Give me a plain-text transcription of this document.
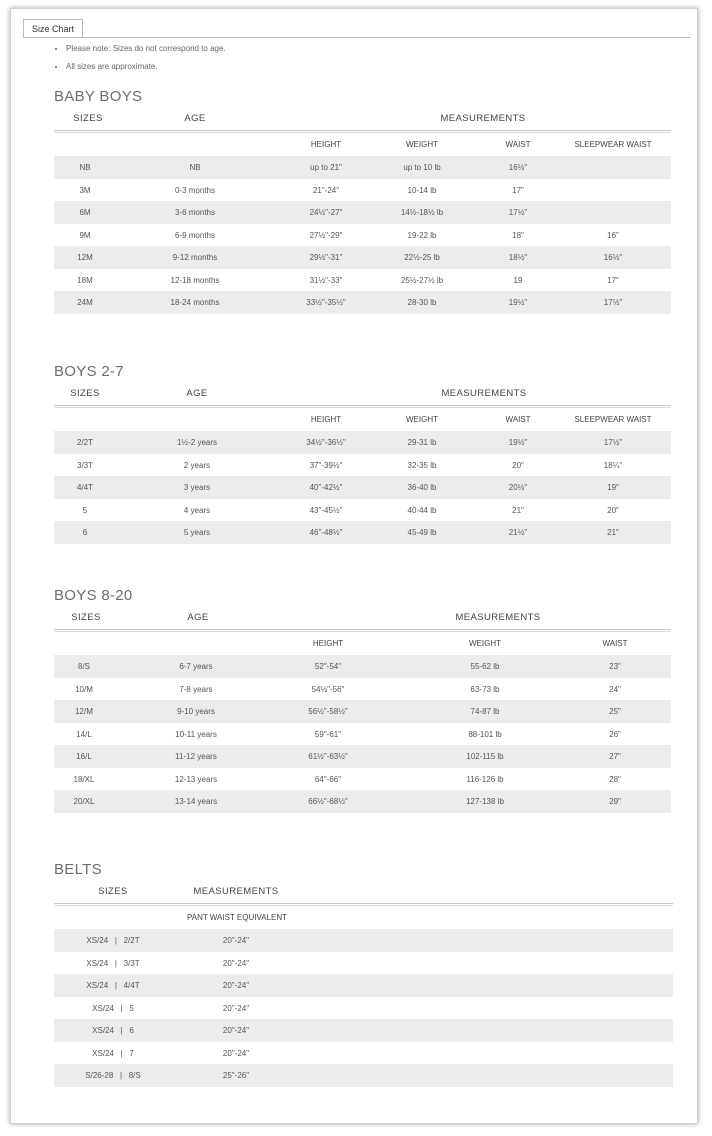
Size Chart
• Please note: Sizes do not correspond to age.
• All sizes are approximate.
BABY BOYS
SIZES	AGE	MEASUREMENTS
HEIGHT	WEIGHT	WAIST	SLEEPWEAR WAIST
NB	NB	up to 21"	up to 10 lb	16½"
3M	0-3 months	21"-24"	10-14 lb	17"
6M	3-6 months	24½"-27"	14½-18½ lb	17½"
9M	6-9 months	27½"-29"	19-22 lb	18"	16"
12M	9-12 months	29½"-31"	22½-25 lb	18½"	16½"
18M	12-18 months	31½"-33"	25½-27½ lb	19	17"
24M	18-24 months	33½"-35½"	28-30 lb	19½"	17½"
BOYS 2-7
SIZES	AGE	MEASUREMENTS
HEIGHT	WEIGHT	WAIST	SLEEPWEAR WAIST
2/2T	1½-2 years	34½"-36½"	29-31 lb	19½"	17½"
3/3T	2 years	37"-39½"	32-35 lb	20"	18¼"
4/4T	3 years	40"-42½"	36-40 lb	20½"	19"
5	4 years	43"-45½"	40-44 lb	21"	20"
6	5 years	46"-48½"	45-49 lb	21½"	21"
BOYS 8-20
SIZES	AGE	MEASUREMENTS
HEIGHT	WEIGHT	WAIST
8/S	6-7 years	52"-54"	55-62 lb	23"
10/M	7-8 years	54½"-56"	63-73 lb	24"
12/M	9-10 years	56½"-58½"	74-87 lb	25"
14/L	10-11 years	59"-61"	88-101 lb	26"
16/L	11-12 years	61½"-63½"	102-115 lb	27"
18/XL	12-13 years	64"-66"	116-126 lb	28"
20/XL	13-14 years	66½"-68½"	127-138 lb	29"
BELTS
SIZES	MEASUREMENTS
PANT WAIST EQUIVALENT
XS/24   |   2/2T	20"-24"
XS/24   |   3/3T	20"-24"
XS/24   |   4/4T	20"-24"
XS/24   |   5	20"-24"
XS/24   |   6	20"-24"
XS/24   |   7	20"-24"
S/26-28   |   8/S	25"-26"
